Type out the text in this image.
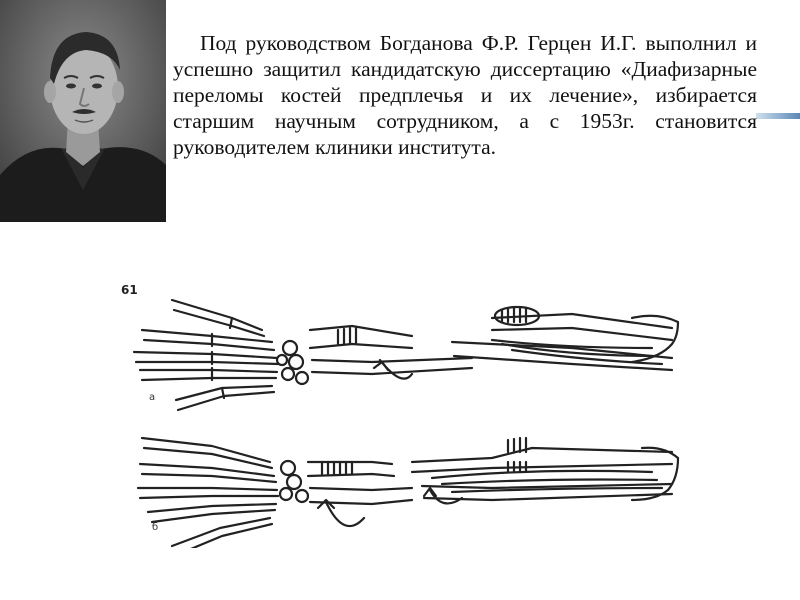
Под руководством Богданова Ф.Р. Герцен И.Г. выполнил и успешно защитил кандидатскую диссертацию «Диафизарные переломы костей предплечья и их лечение», избирается старшим научным сотрудником, а с 1953г. становится руководителем клиники института.

61
а
б
